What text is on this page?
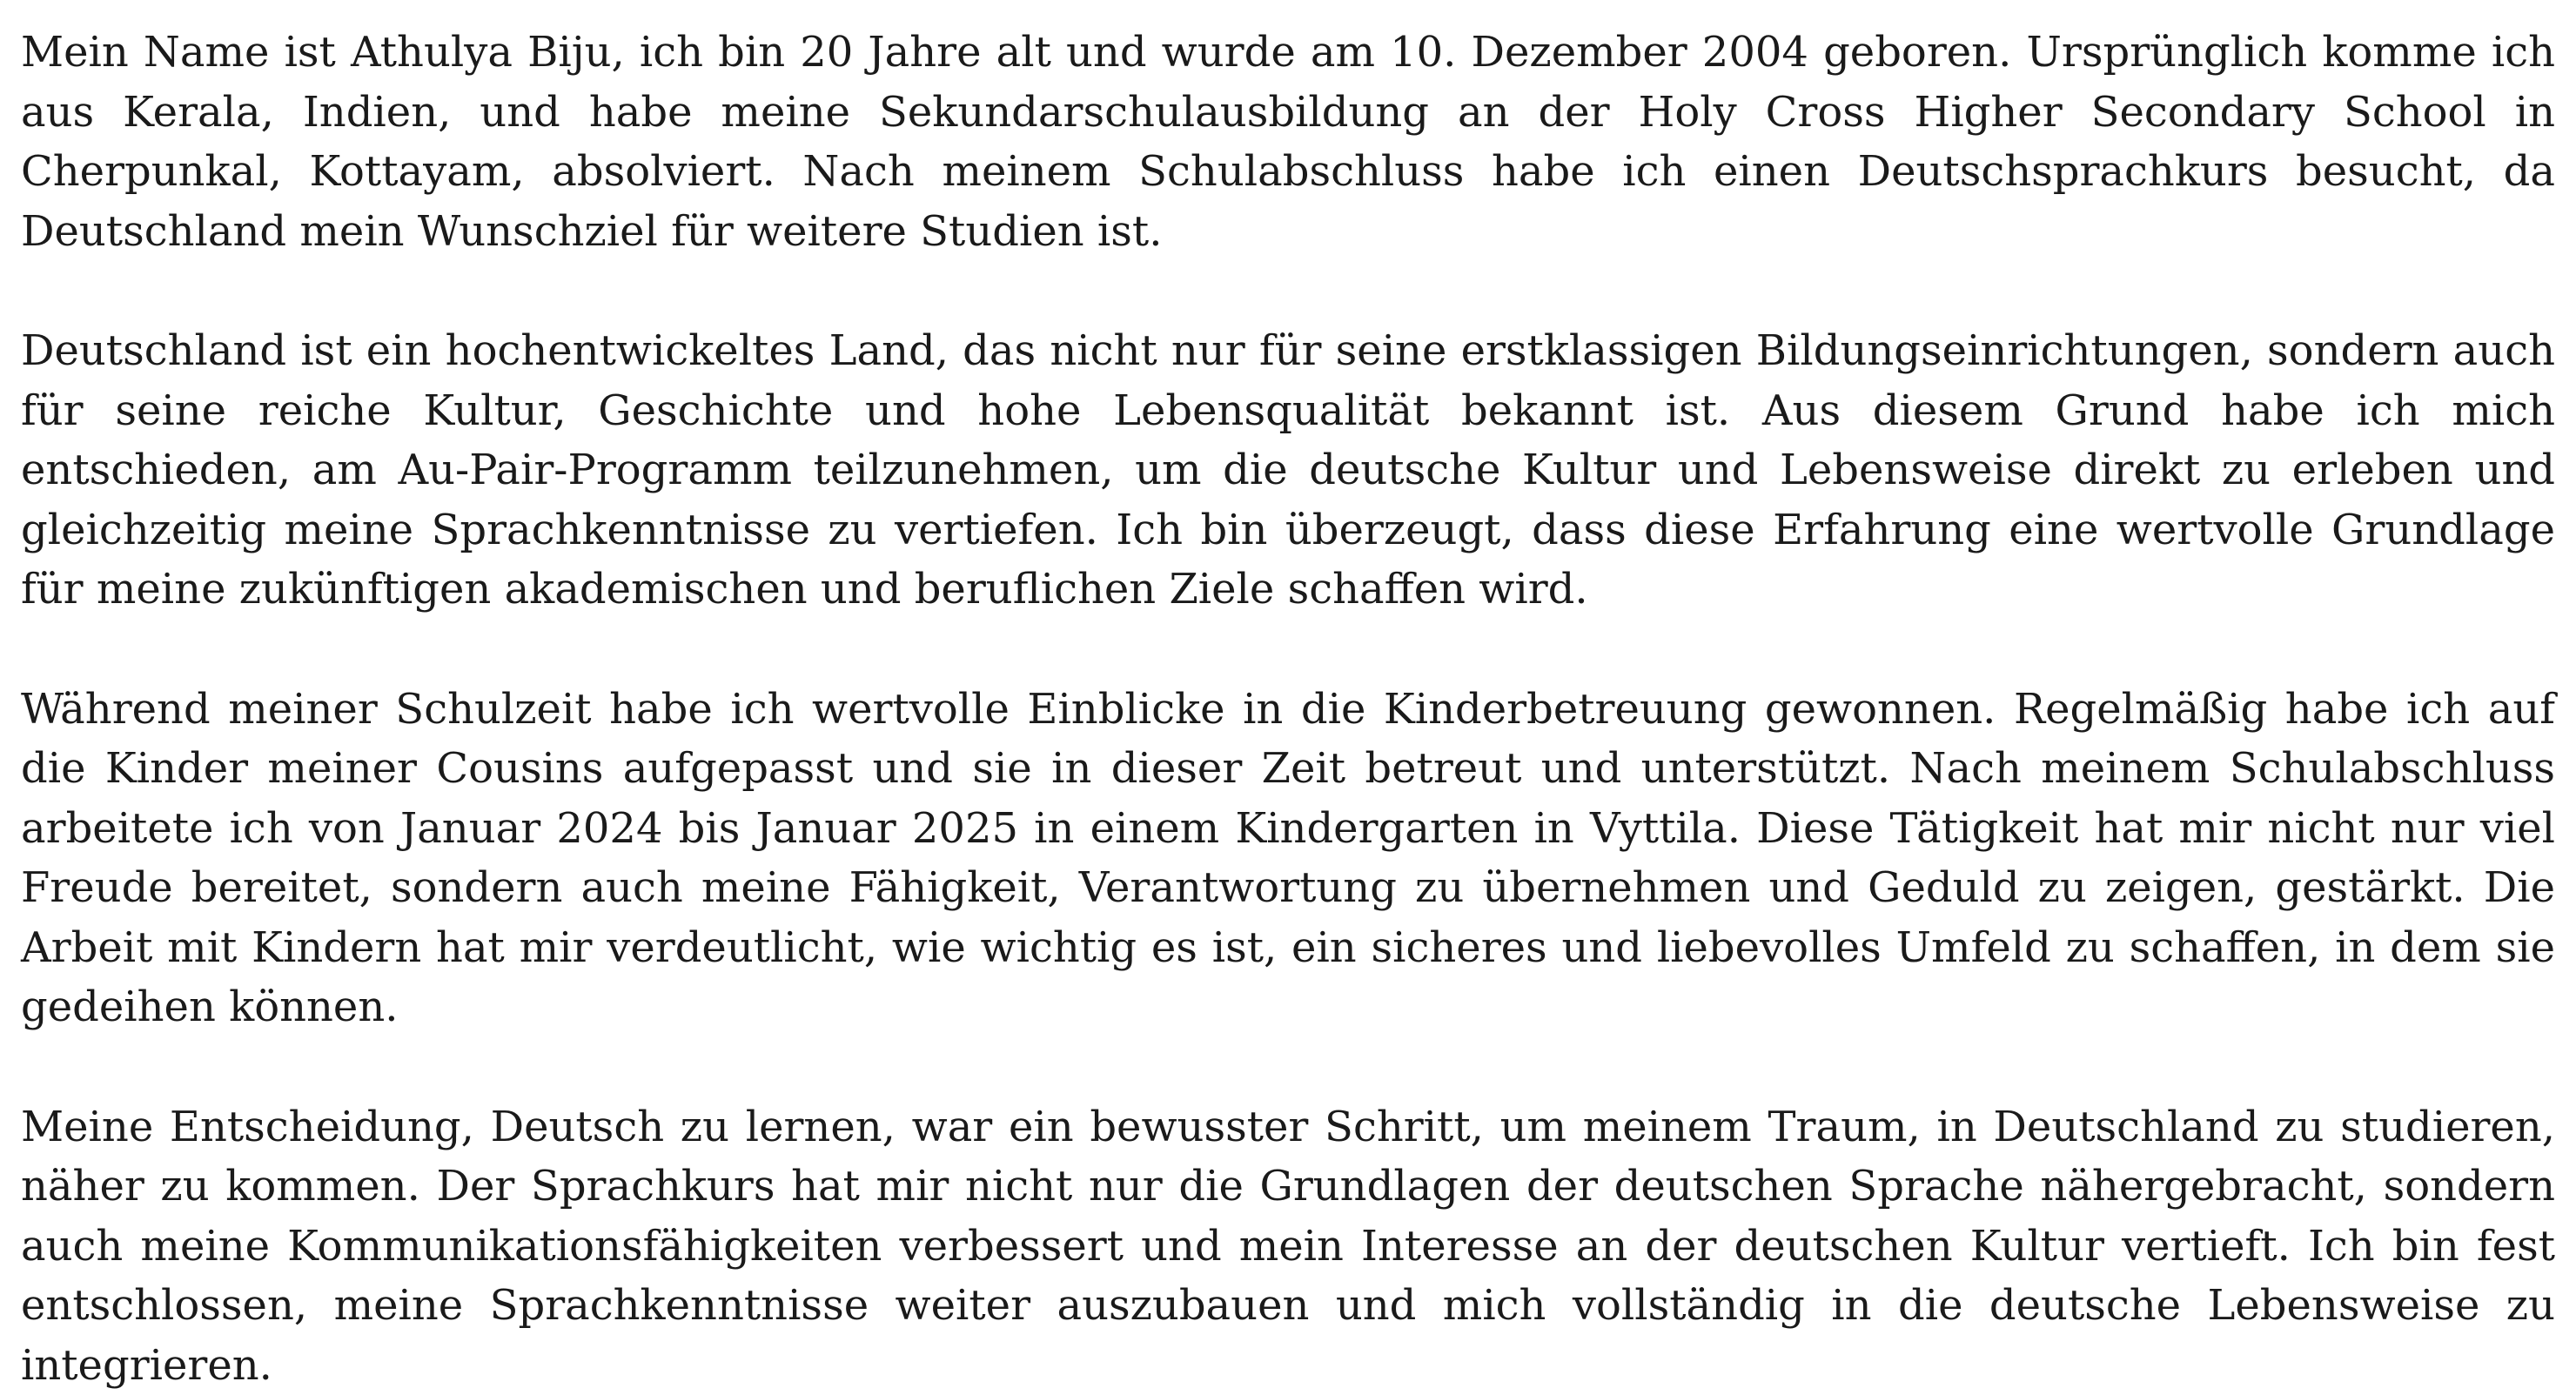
Mein Name ist Athulya Biju, ich bin 20 Jahre alt und wurde am 10. Dezember 2004 geboren. Ursprünglich komme ich aus Kerala, Indien, und habe meine Sekundarschulausbildung an der Holy Cross Higher Secondary School in Cherpunkal, Kottayam, absolviert. Nach meinem Schulabschluss habe ich einen Deutschsprachkurs besucht, da Deutschland mein Wunschziel für weitere Studien ist.

Deutschland ist ein hochentwickeltes Land, das nicht nur für seine erstklassigen Bildungseinrichtungen, sondern auch für seine reiche Kultur, Geschichte und hohe Lebensqualität bekannt ist. Aus diesem Grund habe ich mich entschieden, am Au-Pair-Programm teilzunehmen, um die deutsche Kultur und Lebensweise direkt zu erleben und gleichzeitig meine Sprachkenntnisse zu vertiefen. Ich bin überzeugt, dass diese Erfahrung eine wertvolle Grundlage für meine zukünftigen akademischen und beruflichen Ziele schaffen wird.

Während meiner Schulzeit habe ich wertvolle Einblicke in die Kinderbetreuung gewonnen. Regelmäßig habe ich auf die Kinder meiner Cousins aufgepasst und sie in dieser Zeit betreut und unterstützt. Nach meinem Schulabschluss arbeitete ich von Januar 2024 bis Januar 2025 in einem Kindergarten in Vyttila. Diese Tätigkeit hat mir nicht nur viel Freude bereitet, sondern auch meine Fähigkeit, Verantwortung zu übernehmen und Geduld zu zeigen, gestärkt. Die Arbeit mit Kindern hat mir verdeutlicht, wie wichtig es ist, ein sicheres und liebevolles Umfeld zu schaffen, in dem sie gedeihen können.

Meine Entscheidung, Deutsch zu lernen, war ein bewusster Schritt, um meinem Traum, in Deutschland zu studieren, näher zu kommen. Der Sprachkurs hat mir nicht nur die Grundlagen der deutschen Sprache nähergebracht, sondern auch meine Kommunikationsfähigkeiten verbessert und mein Interesse an der deutschen Kultur vertieft. Ich bin fest entschlossen, meine Sprachkenntnisse weiter auszubauen und mich vollständig in die deutsche Lebensweise zu integrieren.
